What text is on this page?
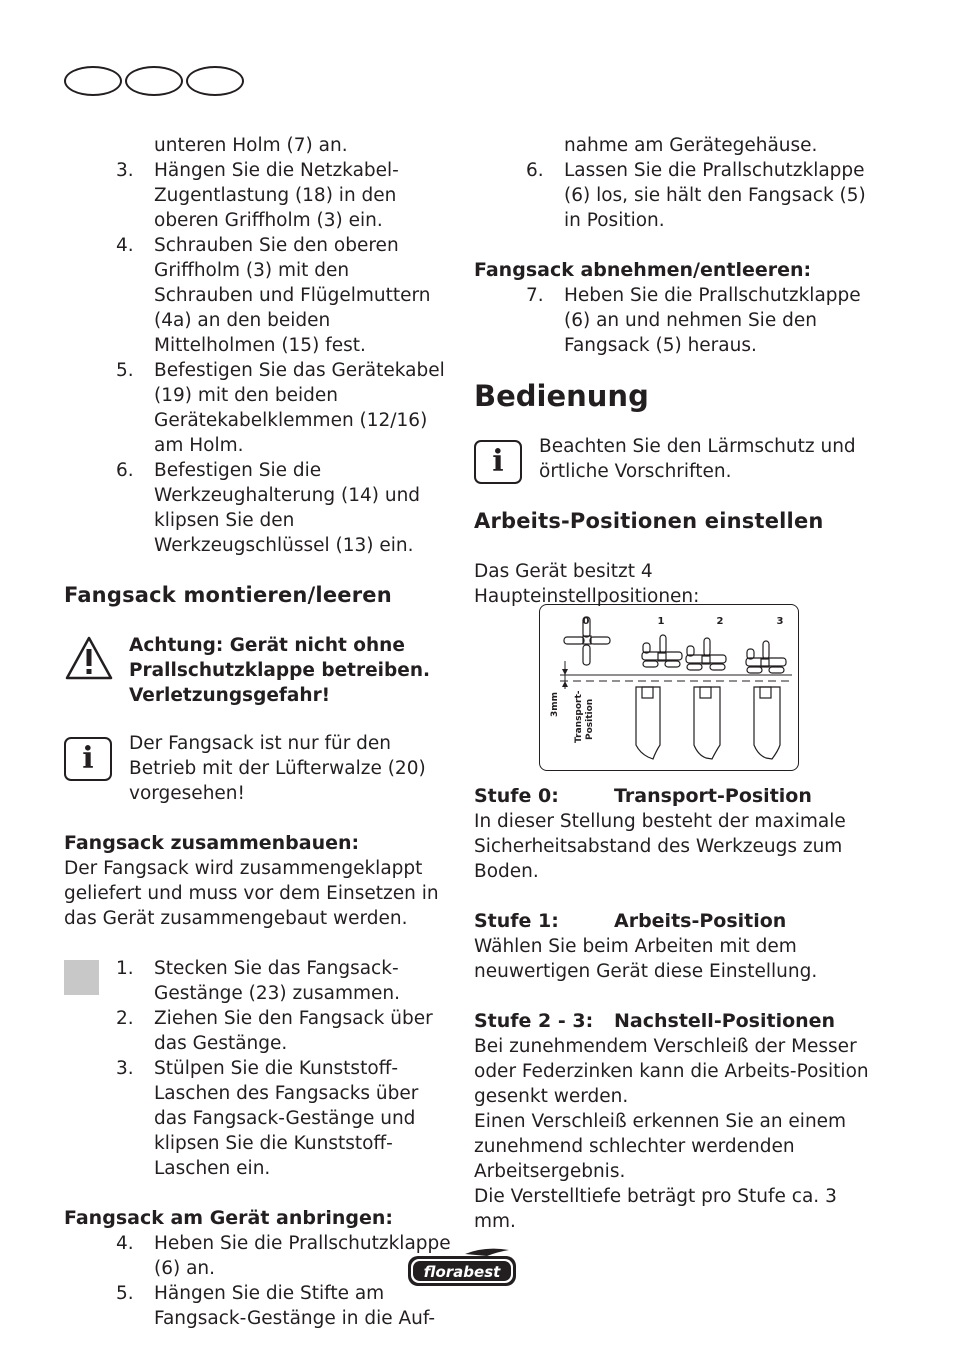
unteren Holm (7) an.
3. Hängen Sie die Netzkabel-Zugentlastung (18) in den oberen Griffholm (3) ein.
4. Schrauben Sie den oberen Griffholm (3) mit den Schrauben und Flügelmuttern (4a) an den beiden Mittelholmen (15) fest.
5. Befestigen Sie das Gerätekabel (19) mit den beiden Gerätekabelklemmen (12/16) am Holm.
6. Befestigen Sie die Werkzeughalterung (14) und klipsen Sie den Werkzeugschlüssel (13) ein.
Fangsack montieren/leeren
Achtung: Gerät nicht ohne Prallschutzklappe betreiben. Verletzungsgefahr!
i	Der Fangsack ist nur für den Betrieb mit der Lüfterwalze (20) vorgesehen!
Fangsack zusammenbauen:
Der Fangsack wird zusammengeklappt geliefert und muss vor dem Einsetzen in das Gerät zusammengebaut werden.
1. Stecken Sie das Fangsack-Gestänge (23) zusammen.
2. Ziehen Sie den Fangsack über das Gestänge.
3. Stülpen Sie die Kunststoff-Laschen des Fangsacks über das Fangsack-Gestänge und klipsen Sie die Kunststoff-Laschen ein.
Fangsack am Gerät anbringen:
4. Heben Sie die Prallschutzklappe (6) an.
5. Hängen Sie die Stifte am Fangsack-Gestänge in die Auf-
nahme am Gerätegehäuse.
6. Lassen Sie die Prallschutzklappe (6) los, sie hält den Fangsack (5) in Position.
Fangsack abnehmen/entleeren:
7. Heben Sie die Prallschutzklappe (6) an und nehmen Sie den Fangsack (5) heraus.
Bedienung
i	Beachten Sie den Lärmschutz und örtliche Vorschriften.
Arbeits-Positionen einstellen
Das Gerät besitzt 4 Haupteinstellpositionen:
0	1	2	3
3mm Transport- Position
Stufe 0:	Transport-Position
In dieser Stellung besteht der maximale Sicherheitsabstand des Werkzeugs zum Boden.
Stufe 1:	Arbeits-Position
Wählen Sie beim Arbeiten mit dem neuwertigen Gerät diese Einstellung.
Stufe 2 - 3: Nachstell-Positionen
Bei zunehmendem Verschleiß der Messer oder Federzinken kann die Arbeits-Position gesenkt werden.
Einen Verschleiß erkennen Sie an einem zunehmend schlechter werdenden Arbeitsergebnis.
Die Verstelltiefe beträgt pro Stufe ca. 3 mm.
florabest
